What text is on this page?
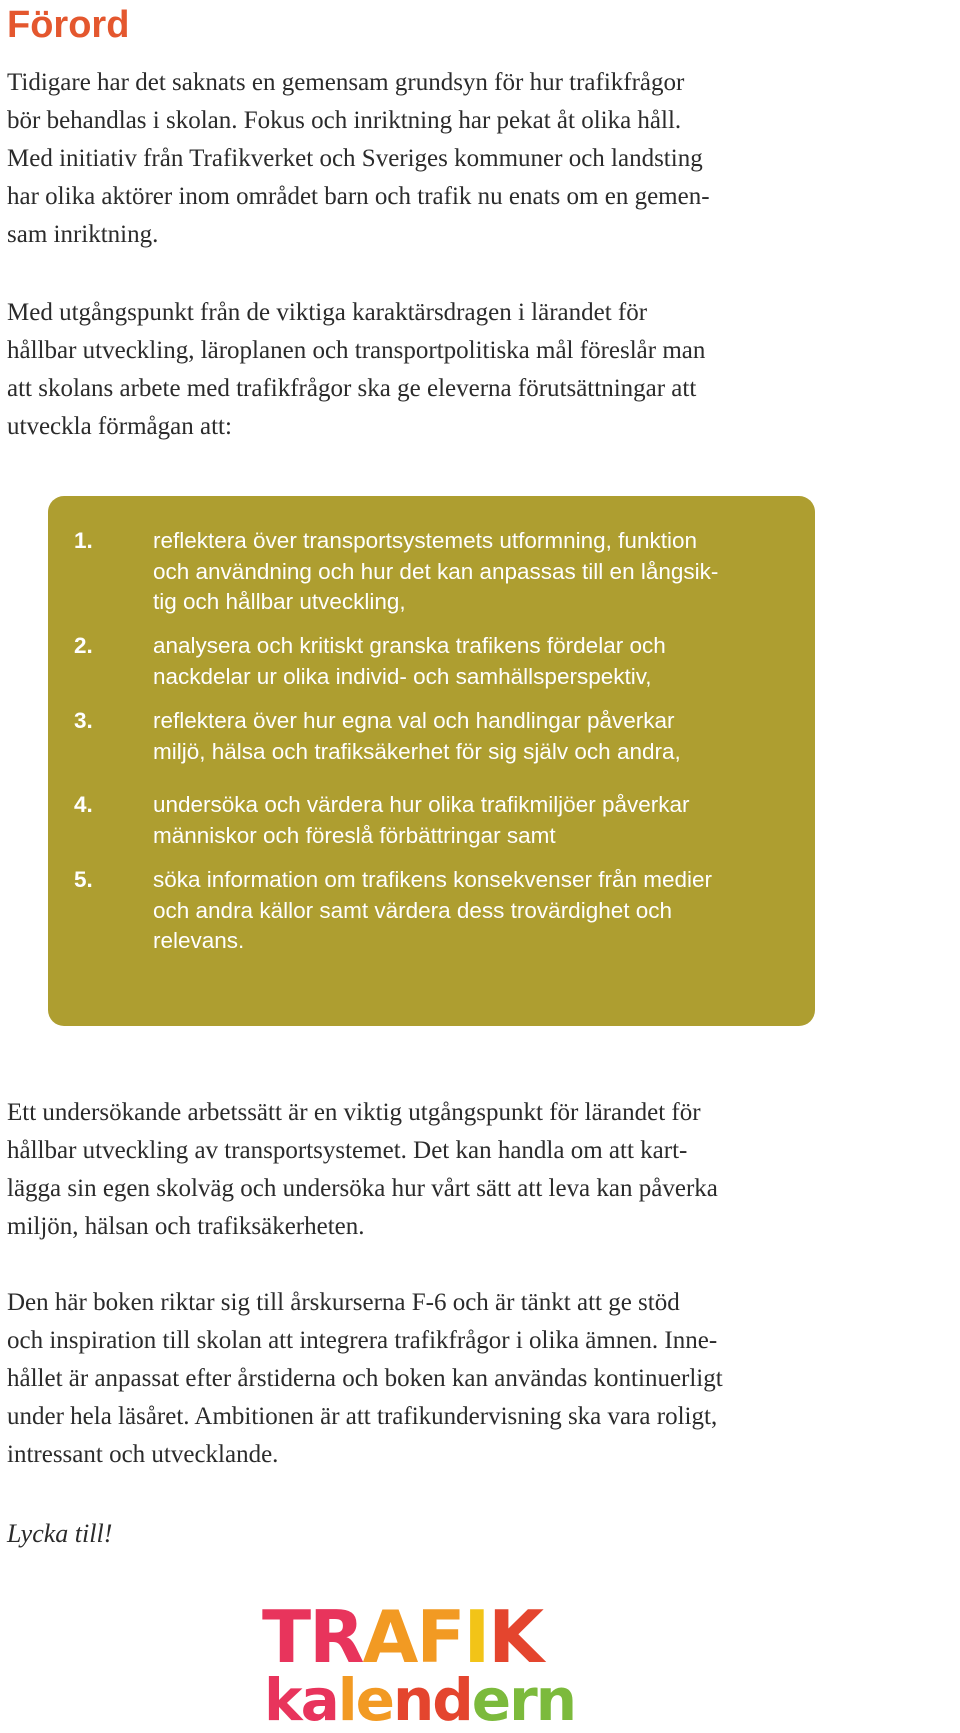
Förord

Tidigare har det saknats en gemensam grundsyn för hur trafikfrågor
bör behandlas i skolan. Fokus och inriktning har pekat åt olika håll.
Med initiativ från Trafikverket och Sveriges kommuner och landsting
har olika aktörer inom området barn och trafik nu enats om en gemen-
sam inriktning.

Med utgångspunkt från de viktiga karaktärsdragen i lärandet för
hållbar utveckling, läroplanen och transportpolitiska mål föreslår man
att skolans arbete med trafikfrågor ska ge eleverna förutsättningar att
utveckla förmågan att:

1.	reflektera över transportsystemets utformning, funktion
och användning och hur det kan anpassas till en långsik-
tig och hållbar utveckling,
2.	analysera och kritiskt granska trafikens fördelar och
nackdelar ur olika individ- och samhällsperspektiv,
3.	reflektera över hur egna val och handlingar påverkar
miljö, hälsa och trafiksäkerhet för sig själv och andra,
4.	undersöka och värdera hur olika trafikmiljöer påverkar
människor och föreslå förbättringar samt
5.	söka information om trafikens konsekvenser från medier
och andra källor samt värdera dess trovärdighet och
relevans.

Ett undersökande arbetssätt är en viktig utgångspunkt för lärandet för
hållbar utveckling av transportsystemet. Det kan handla om att kart-
lägga sin egen skolväg och undersöka hur vårt sätt att leva kan påverka
miljön, hälsan och trafiksäkerheten.

Den här boken riktar sig till årskurserna F-6 och är tänkt att ge stöd
och inspiration till skolan att integrera trafikfrågor i olika ämnen. Inne-
hållet är anpassat efter årstiderna och boken kan användas kontinuerligt
under hela läsåret. Ambitionen är att trafikundervisning ska vara roligt,
intressant och utvecklande.

Lycka till!

TRAFIK
kalendern
